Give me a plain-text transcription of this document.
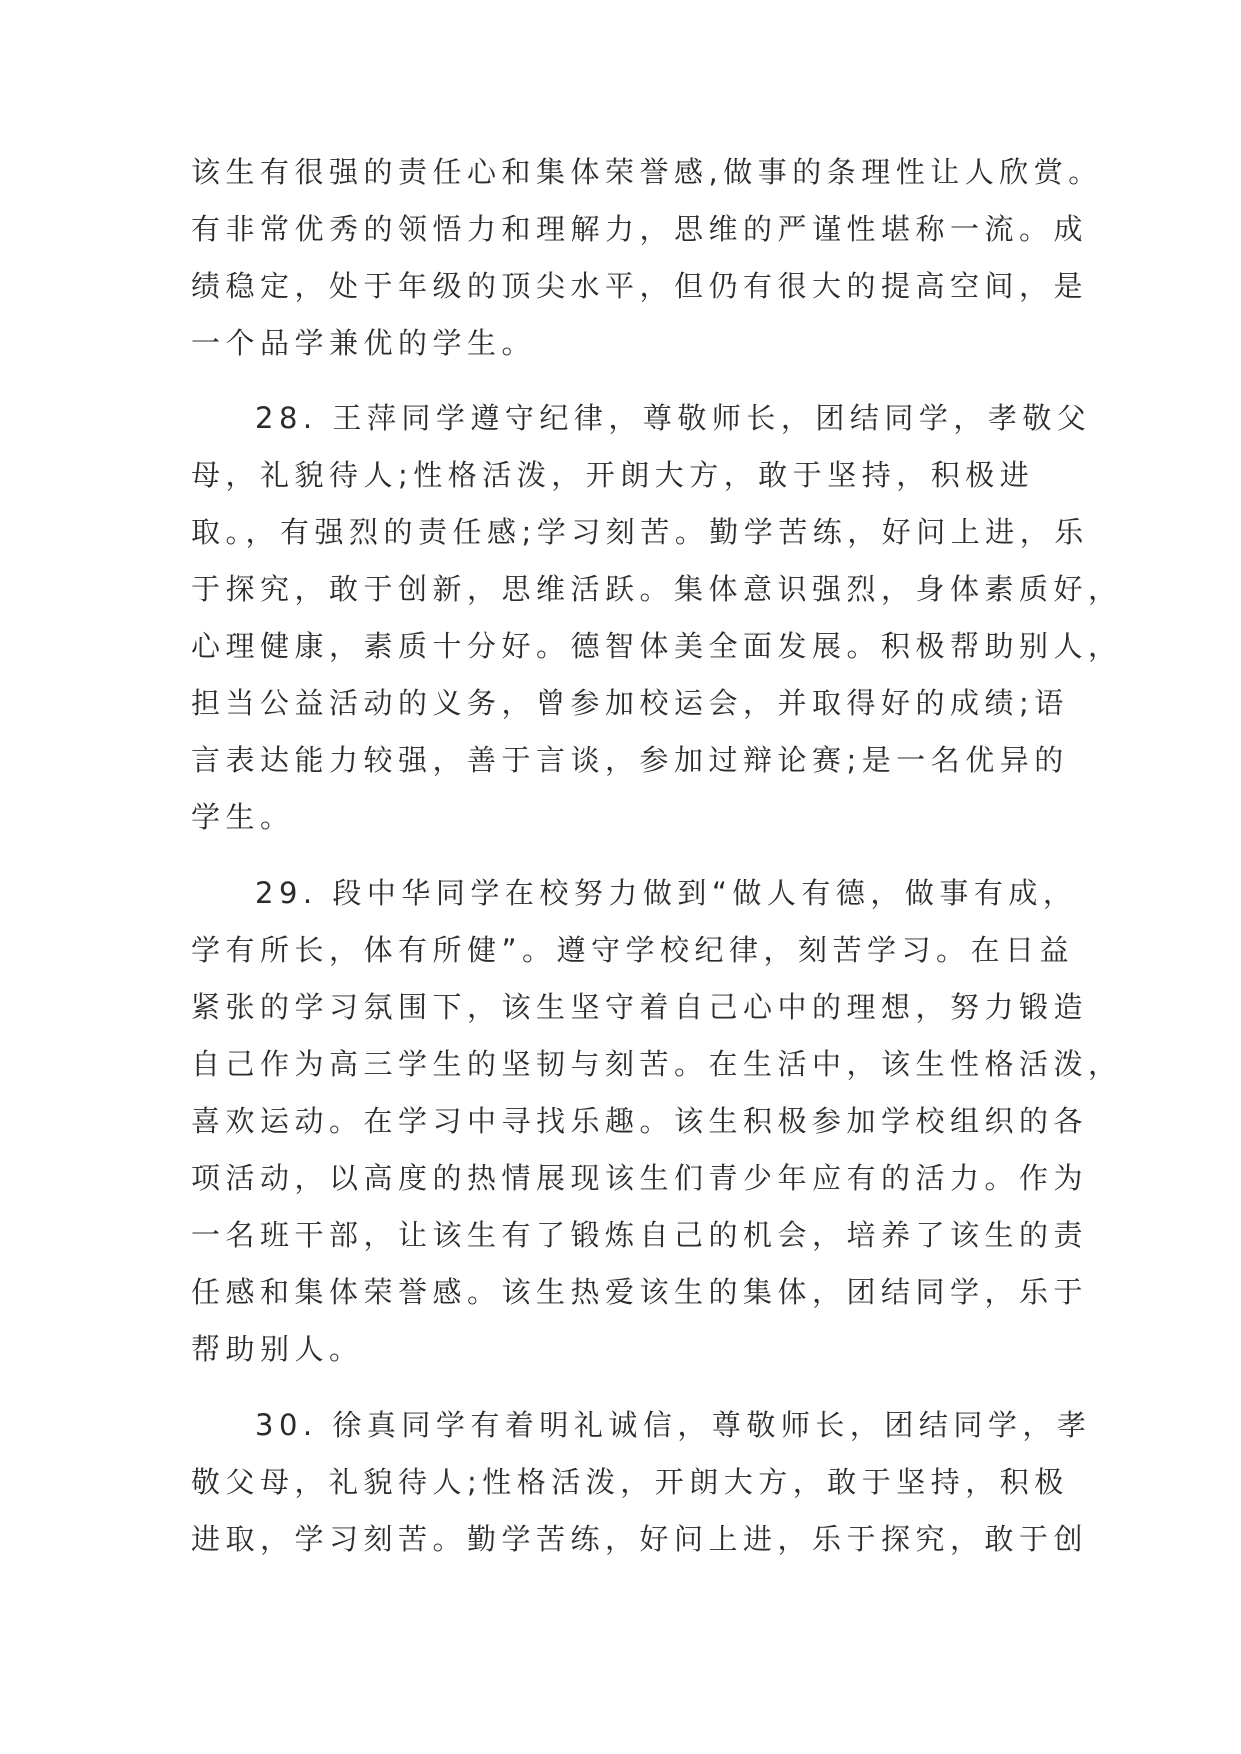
该生有很强的责任心和集体荣誉感,做事的条理性让人欣赏。
有非常优秀的领悟力和理解力，思维的严谨性堪称一流。成
绩稳定，处于年级的顶尖水平，但仍有很大的提高空间，是
一个品学兼优的学生。
28. 王萍同学遵守纪律，尊敬师长，团结同学，孝敬父
母，礼貌待人;性格活泼，开朗大方，敢于坚持，积极进
取。，有强烈的责任感;学习刻苦。勤学苦练，好问上进，乐
于探究，敢于创新，思维活跃。集体意识强烈，身体素质好，
心理健康，素质十分好。德智体美全面发展。积极帮助别人，
担当公益活动的义务，曾参加校运会，并取得好的成绩;语
言表达能力较强，善于言谈，参加过辩论赛;是一名优异的
学生。
29. 段中华同学在校努力做到“做人有德，做事有成，
学有所长，体有所健”。遵守学校纪律，刻苦学习。在日益
紧张的学习氛围下，该生坚守着自己心中的理想，努力锻造
自己作为高三学生的坚韧与刻苦。在生活中，该生性格活泼，
喜欢运动。在学习中寻找乐趣。该生积极参加学校组织的各
项活动，以高度的热情展现该生们青少年应有的活力。作为
一名班干部，让该生有了锻炼自己的机会，培养了该生的责
任感和集体荣誉感。该生热爱该生的集体，团结同学，乐于
帮助别人。
30. 徐真同学有着明礼诚信，尊敬师长，团结同学，孝
敬父母，礼貌待人;性格活泼，开朗大方，敢于坚持，积极
进取，学习刻苦。勤学苦练，好问上进，乐于探究，敢于创
